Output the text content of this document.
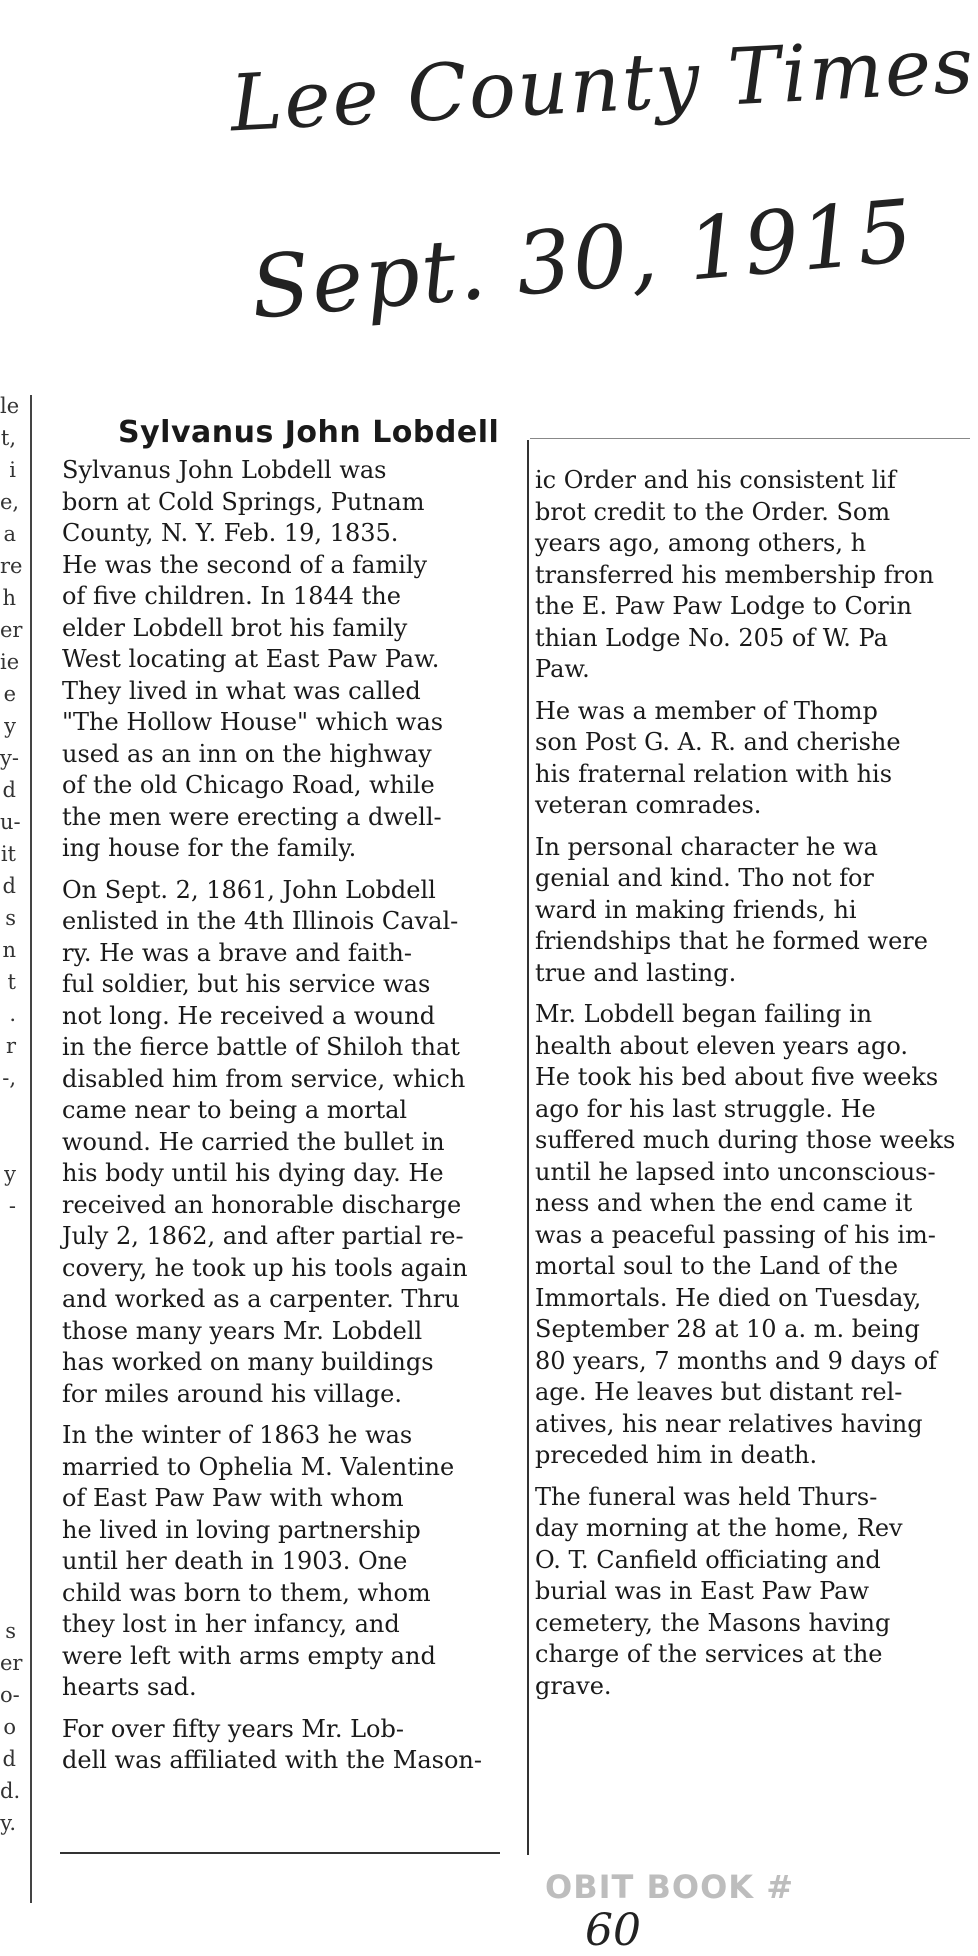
Lee County Times
Sept. 30, 1915
le
t,
i
e,
a
re
h
er
ie
e
y
y-
d
u-
it
d
s
n
t
.
r
-,
y
-
s
er
o-
o
d
d.
y.
Sylvanus John Lobdell
Sylvanus John Lobdell was
born at Cold Springs, Putnam
County, N. Y. Feb. 19, 1835.
He was the second of a family
of five children. In 1844 the
elder Lobdell brot his family
West locating at East Paw Paw.
They lived in what was called
"The Hollow House" which was
used as an inn on the highway
of the old Chicago Road, while
the men were erecting a dwell-
ing house for the family.
On Sept. 2, 1861, John Lobdell
enlisted in the 4th Illinois Caval-
ry. He was a brave and faith-
ful soldier, but his service was
not long. He received a wound
in the fierce battle of Shiloh that
disabled him from service, which
came near to being a mortal
wound. He carried the bullet in
his body until his dying day. He
received an honorable discharge
July 2, 1862, and after partial re-
covery, he took up his tools again
and worked as a carpenter. Thru
those many years Mr. Lobdell
has worked on many buildings
for miles around his village.
In the winter of 1863 he was
married to Ophelia M. Valentine
of East Paw Paw with whom
he lived in loving partnership
until her death in 1903. One
child was born to them, whom
they lost in her infancy, and
were left with arms empty and
hearts sad.
For over fifty years Mr. Lob-
dell was affiliated with the Mason-
ic Order and his consistent lif
brot credit to the Order. Som
years ago, among others, h
transferred his membership fron
the E. Paw Paw Lodge to Corin
thian Lodge No. 205 of W. Pa
Paw.
He was a member of Thomp
son Post G. A. R. and cherishe
his fraternal relation with his
veteran comrades.
In personal character he wa
genial and kind. Tho not for
ward in making friends, hi
friendships that he formed were
true and lasting.
Mr. Lobdell began failing in
health about eleven years ago.
He took his bed about five weeks
ago for his last struggle. He
suffered much during those weeks
until he lapsed into unconscious-
ness and when the end came it
was a peaceful passing of his im-
mortal soul to the Land of the
Immortals. He died on Tuesday,
September 28 at 10 a. m. being
80 years, 7 months and 9 days of
age. He leaves but distant rel-
atives, his near relatives having
preceded him in death.
The funeral was held Thurs-
day morning at the home, Rev
O. T. Canfield officiating and
burial was in East Paw Paw
cemetery, the Masons having
charge of the services at the
grave.
OBIT BOOK #
60
